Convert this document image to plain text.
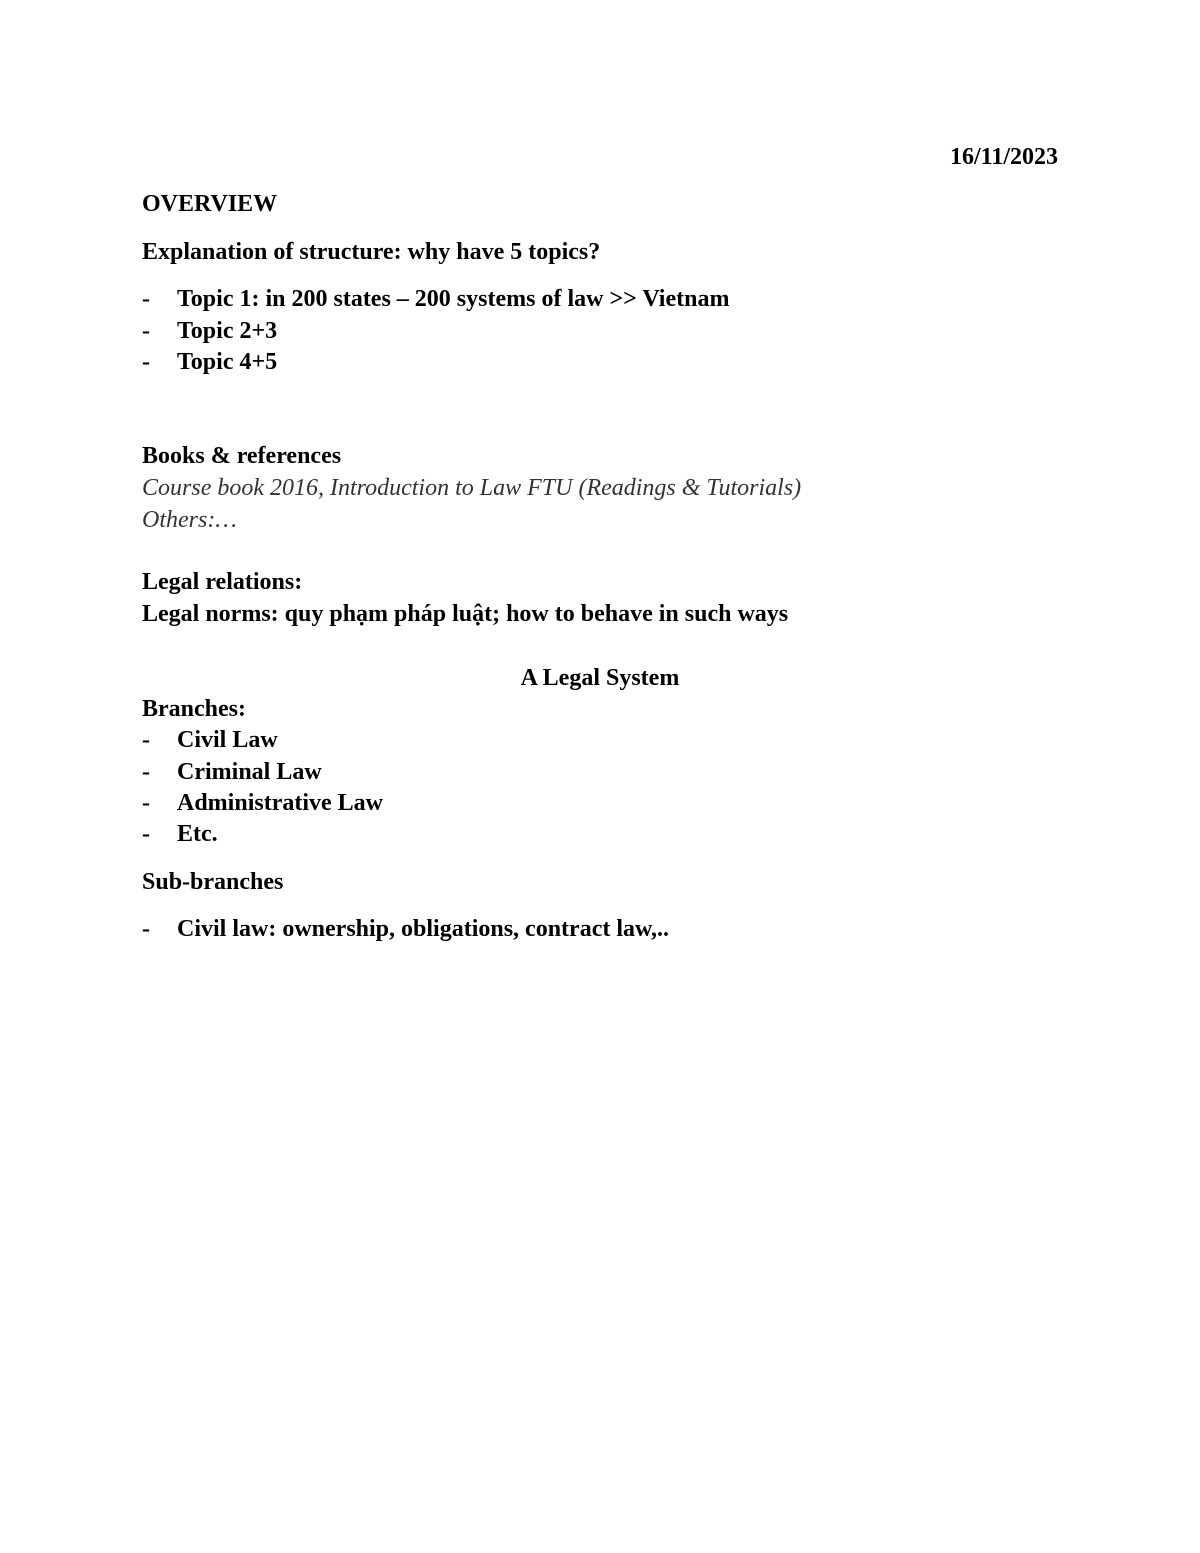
16/11/2023
OVERVIEW
Explanation of structure: why have 5 topics?
- Topic 1: in 200 states – 200 systems of law >> Vietnam
- Topic 2+3
- Topic 4+5
Books & references
Course book 2016, Introduction to Law FTU (Readings & Tutorials)
Others:…
Legal relations:
Legal norms: quy phạm pháp luật; how to behave in such ways
A Legal System
Branches:
- Civil Law
- Criminal Law
- Administrative Law
- Etc.
Sub-branches
- Civil law: ownership, obligations, contract law,..
